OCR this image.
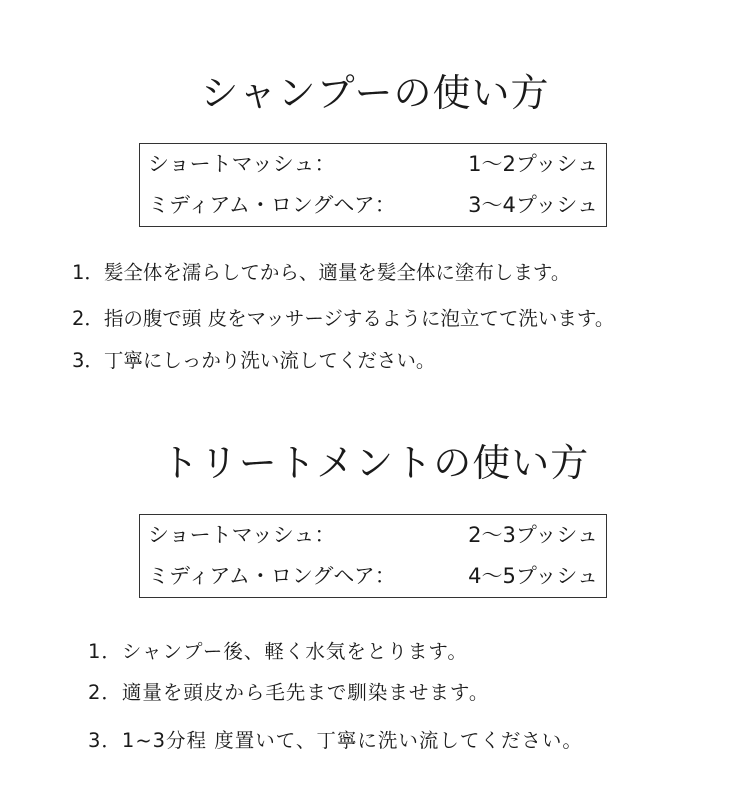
シャンプーの使い方
ショートマッシュ：	1〜2プッシュ
ミディアム・ロングヘア：	3〜4プッシュ
1．髪全体を濡らしてから、適量を髪全体に塗布します。
2．指の腹で頭 皮をマッサージするように泡立てて洗います。
3．丁寧にしっかり洗い流してください。
トリートメントの使い方
ショートマッシュ：	2〜3プッシュ
ミディアム・ロングヘア：	4〜5プッシュ
1．シャンプー後、軽く水気をとります。
2．適量を頭皮から毛先まで馴染ませます。
3．1~3分程 度置いて、丁寧に洗い流してください。
